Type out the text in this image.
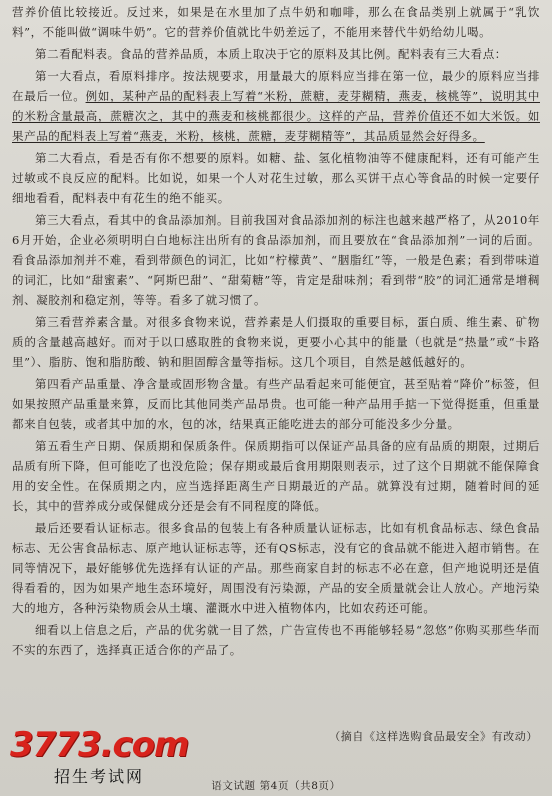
营养价值比较接近。反过来，如果是在水里加了点牛奶和咖啡，那么在食品类别上就属于“乳饮料”，不能叫做“调味牛奶”。它的营养价值就比牛奶差远了，不能用来替代牛奶给幼儿喝。

第二看配料表。食品的营养品质，本质上取决于它的原料及其比例。配料表有三大看点：

第一大看点，看原料排序。按法规要求，用量最大的原料应当排在第一位，最少的原料应当排在最后一位。例如，某种产品的配料表上写着“米粉，蔗糖，麦芽糊精，燕麦，核桃等”，说明其中的米粉含量最高，蔗糖次之，其中的燕麦和核桃都很少。这样的产品，营养价值还不如大米饭。如果产品的配料表上写着“燕麦，米粉，核桃，蔗糖，麦芽糊精等”，其品质显然会好得多。

第二大看点，看是否有你不想要的原料。如糖、盐、氢化植物油等不健康配料，还有可能产生过敏或不良反应的配料。比如说，如果一个人对花生过敏，那么买饼干点心等食品的时候一定要仔细地看看，配料表中有花生的绝不能买。

第三大看点，看其中的食品添加剂。目前我国对食品添加剂的标注也越来越严格了，从2010年6月开始，企业必须明明白白地标注出所有的食品添加剂，而且要放在“食品添加剂”一词的后面。看食品添加剂并不难，看到带颜色的词汇，比如“柠檬黄”、“胭脂红”等，一般是色素；看到带味道的词汇，比如“甜蜜素”、“阿斯巴甜”、“甜菊糖”等，肯定是甜味剂；看到带“胶”的词汇通常是增稠剂、凝胶剂和稳定剂，等等。看多了就习惯了。

第三看营养素含量。对很多食物来说，营养素是人们摄取的重要目标，蛋白质、维生素、矿物质的含量越高越好。而对于以口感取胜的食物来说，更要小心其中的能量（也就是“热量”或“卡路里”）、脂肪、饱和脂肪酸、钠和胆固醇含量等指标。这几个项目，自然是越低越好的。

第四看产品重量、净含量或固形物含量。有些产品看起来可能便宜，甚至贴着“降价”标签，但如果按照产品重量来算，反而比其他同类产品昂贵。也可能一种产品用手掂一下觉得挺重，但重量都来自包装，或者其中加的水，包的冰，结果真正能吃进去的部分可能没多少分量。

第五看生产日期、保质期和保质条件。保质期指可以保证产品具备的应有品质的期限，过期后品质有所下降，但可能吃了也没危险；保存期或最后食用期限则表示，过了这个日期就不能保障食用的安全性。在保质期之内，应当选择距离生产日期最近的产品。就算没有过期，随着时间的延长，其中的营养成分或保健成分还是会有不同程度的降低。

最后还要看认证标志。很多食品的包装上有各种质量认证标志，比如有机食品标志、绿色食品标志、无公害食品标志、原产地认证标志等，还有QS标志，没有它的食品就不能进入超市销售。在同等情况下，最好能够优先选择有认证的产品。那些商家自封的标志不必在意，但产地说明还是值得看看的，因为如果产地生态环境好，周围没有污染源，产品的安全质量就会让人放心。产地污染大的地方，各种污染物质会从土壤、灌溉水中进入植物体内，比如农药还可能。

细看以上信息之后，产品的优劣就一目了然，广告宣传也不再能够轻易“忽悠”你购买那些华而不实的东西了，选择真正适合你的产品了。

（摘自《这样选购食品最安全》有改动）
语文试题 第4页（共8页）
3773.com
招生考试网
